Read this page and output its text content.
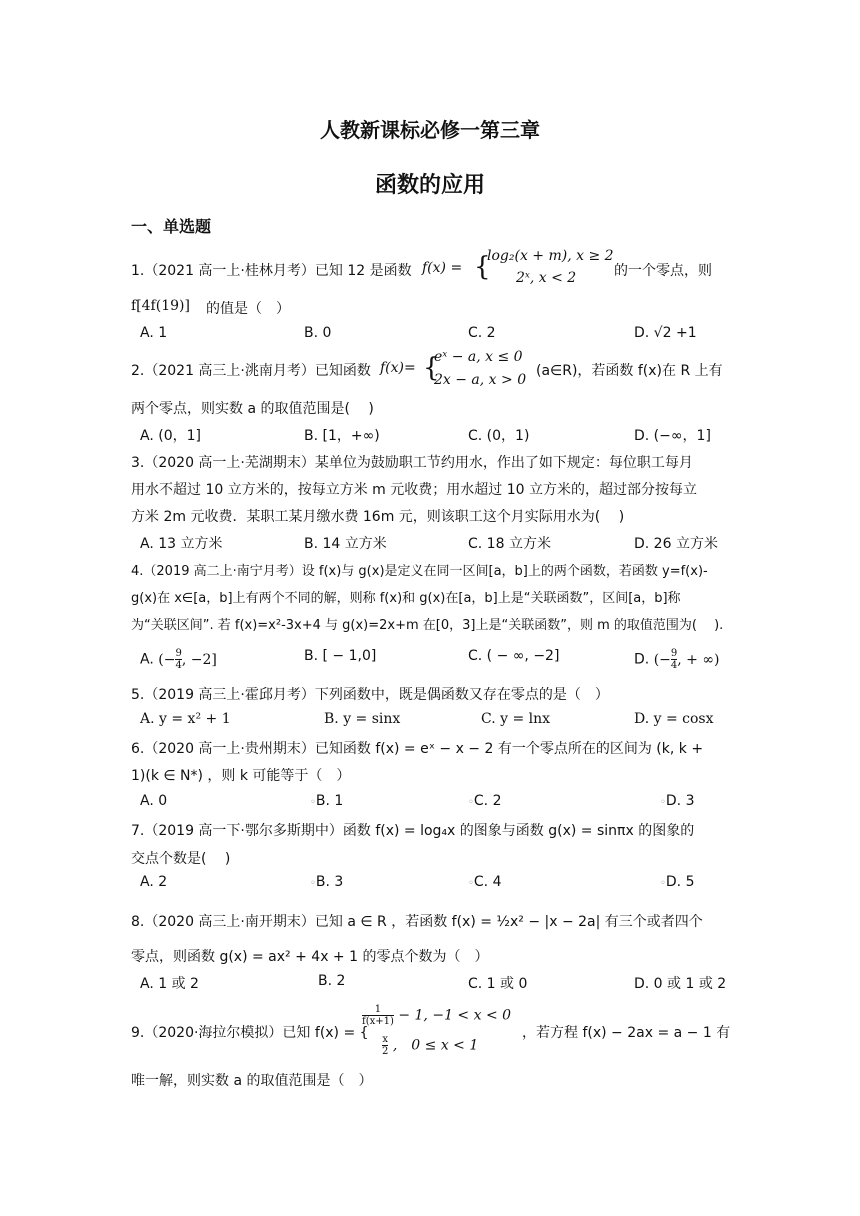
人教新课标必修一第三章
函数的应用
一、单选题
1.（2021 高一上·桂林月考）已知 12 是函数 f(x) = {
log₂(x + m), x ≥ 2
2ˣ, x < 2	的一个零点，则
f[4f(19)] 的值是（　）
A. 1	B. 0	C. 2	D. √2 +1
2.（2021 高三上·洮南月考）已知函数 f(x)= {
eˣ − a, x ≤ 0
2x − a, x > 0
(a∈R)，若函数 f(x)在 R 上有
两个零点，则实数 a 的取值范围是(　 )
A. (0，1]	B. [1，+∞)	C. (0，1)	D. (−∞，1]
3.（2020 高一上·芜湖期末）某单位为鼓励职工节约用水，作出了如下规定：每位职工每月
用水不超过 10 立方米的，按每立方米 m 元收费；用水超过 10 立方米的，超过部分按每立
方米 2m 元收费．某职工某月缴水费 16m 元，则该职工这个月实际用水为(　 )
A. 13 立方米	B. 14 立方米	C. 18 立方米	D. 26 立方米
4.（2019 高二上·南宁月考）设 f(x)与 g(x)是定义在同一区间[a，b]上的两个函数，若函数 y=f(x)-
g(x)在 x∈[a，b]上有两个不同的解，则称 f(x)和 g(x)在[a，b]上是“关联函数”，区间[a，b]称
为“关联区间”. 若 f(x)=x²-3x+4 与 g(x)=2x+m 在[0，3]上是“关联函数”，则 m 的取值范围为(　 ).
A. (− $\frac{9}{4}$ , −2]	B. [ − 1,0]	C. ( − ∞, −2]	D. (− $\frac{9}{4}$ , + ∞)
5.（2019 高三上·霍邱月考）下列函数中，既是偶函数又存在零点的是（　）
A. y = x² + 1	B. y = sinx	C. y = lnx	D. y = cosx
6.（2020 高一上·贵州期末）已知函数 f(x) = eˣ − x − 2 有一个零点所在的区间为 (k, k +
1)(k ∈ N*) ，则 k 可能等于（　）
A. 0	◦B. 1	◦C. 2	◦D. 3
7.（2019 高一下·鄂尔多斯期中）函数 f(x) = log₄x 的图象与函数 g(x) = sinπx 的图象的
交点个数是(　 )
A. 2	◦B. 3	◦C. 4	◦D. 5
8.（2020 高三上·南开期末）已知 a ∈ R ，若函数 f(x) = ½x² − |x − 2a| 有三个或者四个
零点，则函数 g(x) = ax² + 4x + 1 的零点个数为（　）
A. 1 或 2	B. 2	C. 1 或 0	D. 0 或 1 或 2
9.（2020·海拉尔模拟）已知 f(x) = {
$\frac{1}{f(x+1)} - 1$, −1 < x < 0
$\frac{x}{2}$ ,　0 ≤ x < 1
，若方程 f(x) − 2ax = a − 1 有
唯一解，则实数 a 的取值范围是（　）
